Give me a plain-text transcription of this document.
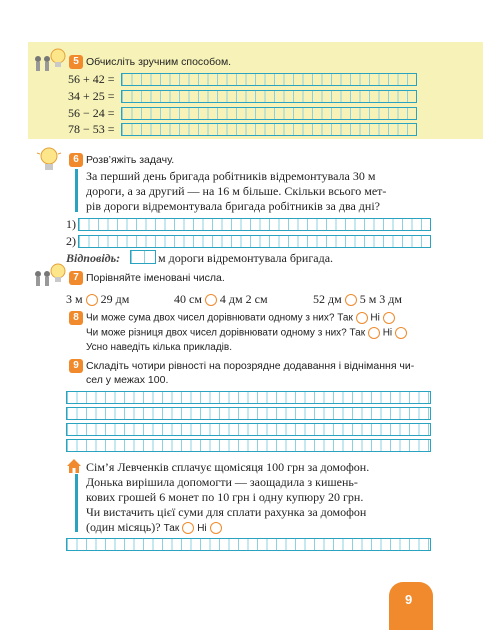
5 Обчисліть зручним способом.
56 + 42 =
34 + 25 =
56 − 24 =
78 − 53 =
6 Розв’яжіть задачу.
За перший день бригада робітників відремонтувала 30 м
дороги, а за другий — на 16 м більше. Скільки всього мет-
рів дороги відремонтувала бригада робітників за два дні?
1)
2)
Відповідь:	м дороги відремонтувала бригада.
7 Порівняйте іменовані числа.
3 м 29 дм	40 см 4 дм 2 см	52 дм 5 м 3 дм
8 Чи може сума двох чисел дорівнювати одному з них? Так Ні
Чи може різниця двох чисел дорівнювати одному з них? Так Ні
Усно наведіть кілька прикладів.
9 Складіть чотири рівності на порозрядне додавання і віднімання чи-
сел у межах 100.
Сім’я Левченків сплачує щомісяця 100 грн за домофон.
Донька вирішила допомогти — заощадила з кишень-
кових грошей 6 монет по 10 грн і одну купюру 20 грн.
Чи вистачить цієї суми для сплати рахунка за домофон
(один місяць)? Так Ні
9
